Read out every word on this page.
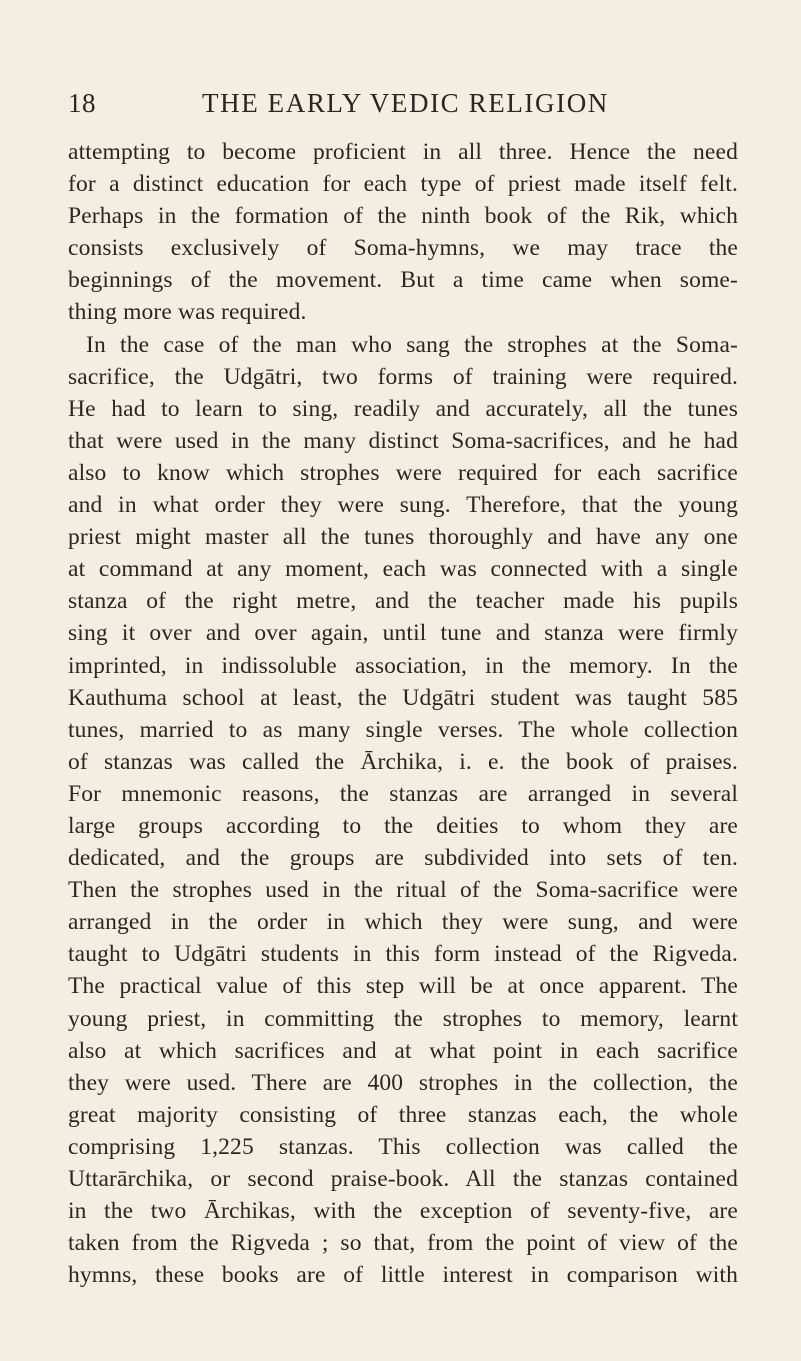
18	THE EARLY VEDIC RELIGION
attempting to become proficient in all three. Hence the need
for a distinct education for each type of priest made itself felt.
Perhaps in the formation of the ninth book of the Rik, which
consists exclusively of Soma-hymns, we may trace the
beginnings of the movement. But a time came when some-
thing more was required.
In the case of the man who sang the strophes at the Soma-
sacrifice, the Udgātri, two forms of training were required.
He had to learn to sing, readily and accurately, all the tunes
that were used in the many distinct Soma-sacrifices, and he had
also to know which strophes were required for each sacrifice
and in what order they were sung. Therefore, that the young
priest might master all the tunes thoroughly and have any one
at command at any moment, each was connected with a single
stanza of the right metre, and the teacher made his pupils
sing it over and over again, until tune and stanza were firmly
imprinted, in indissoluble association, in the memory. In the
Kauthuma school at least, the Udgātri student was taught 585
tunes, married to as many single verses. The whole collection
of stanzas was called the Ārchika, i. e. the book of praises.
For mnemonic reasons, the stanzas are arranged in several
large groups according to the deities to whom they are
dedicated, and the groups are subdivided into sets of ten.
Then the strophes used in the ritual of the Soma-sacrifice were
arranged in the order in which they were sung, and were
taught to Udgātri students in this form instead of the Rigveda.
The practical value of this step will be at once apparent. The
young priest, in committing the strophes to memory, learnt
also at which sacrifices and at what point in each sacrifice
they were used. There are 400 strophes in the collection, the
great majority consisting of three stanzas each, the whole
comprising 1,225 stanzas. This collection was called the
Uttarārchika, or second praise-book. All the stanzas contained
in the two Ārchikas, with the exception of seventy-five, are
taken from the Rigveda ; so that, from the point of view of the
hymns, these books are of little interest in comparison with
